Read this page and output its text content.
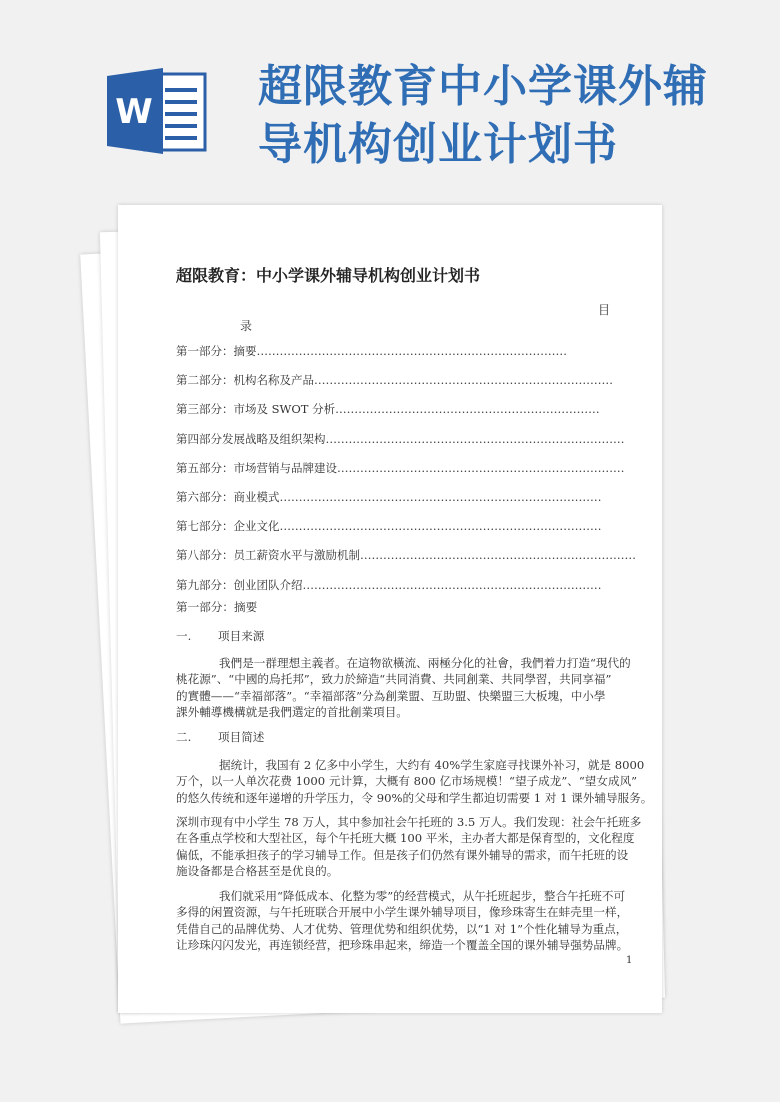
W 超限教育中小学课外辅
导机构创业计划书
超限教育：中小学课外辅导机构创业计划书
目
录
第一部分：摘要………………………………………………………………………
第二部分：机构名称及产品……………………………………………………………………
第三部分：市场及 SWOT 分析……………………………………………………………
第四部分发展战略及组织架构……………………………………………………………………
第五部分：市场营销与品牌建设…………………………………………………………………
第六部分：商业模式…………………………………………………………………………
第七部分：企业文化…………………………………………………………………………
第八部分：员工薪资水平与激励机制………………………………………………………………
第九部分：创业团队介绍……………………………………………………………………
第一部分：摘要
一. 项目来源
我們是一群理想主義者。在這物欲橫流、兩極分化的社會，我們着力打造“現代的
桃花源”、“中國的烏托邦”，致力於締造“共同消費、共同創業、共同學習，共同享福”
的實體——“幸福部落”。“幸福部落”分為創業盟、互助盟、快樂盟三大板塊，中小學
課外輔導機構就是我們選定的首批創業項目。
二. 项目简述
据统计，我国有 2 亿多中小学生，大约有 40%学生家庭寻找课外补习，就是 8000
万个，以一人单次花费 1000 元计算，大概有 800 亿市场规模！“望子成龙”、“望女成风”
的悠久传统和逐年递增的升学压力，令 90%的父母和学生都迫切需要 1 对 1 课外辅导服务。
深圳市现有中小学生 78 万人，其中参加社会午托班的 3.5 万人。我们发现：社会午托班多
在各重点学校和大型社区，每个午托班大概 100 平米，主办者大都是保育型的，文化程度
偏低，不能承担孩子的学习辅导工作。但是孩子们仍然有课外辅导的需求，而午托班的设
施设备都是合格甚至是优良的。
我们就采用“降低成本、化整为零”的经营模式，从午托班起步，整合午托班不可
多得的闲置资源，与午托班联合开展中小学生课外辅导项目，像珍珠寄生在蚌壳里一样，
凭借自己的品牌优势、人才优势、管理优势和组织优势，以“1 对 1”个性化辅导为重点，
让珍珠闪闪发光，再连锁经营，把珍珠串起来，缔造一个覆盖全国的课外辅导强势品牌。
1
